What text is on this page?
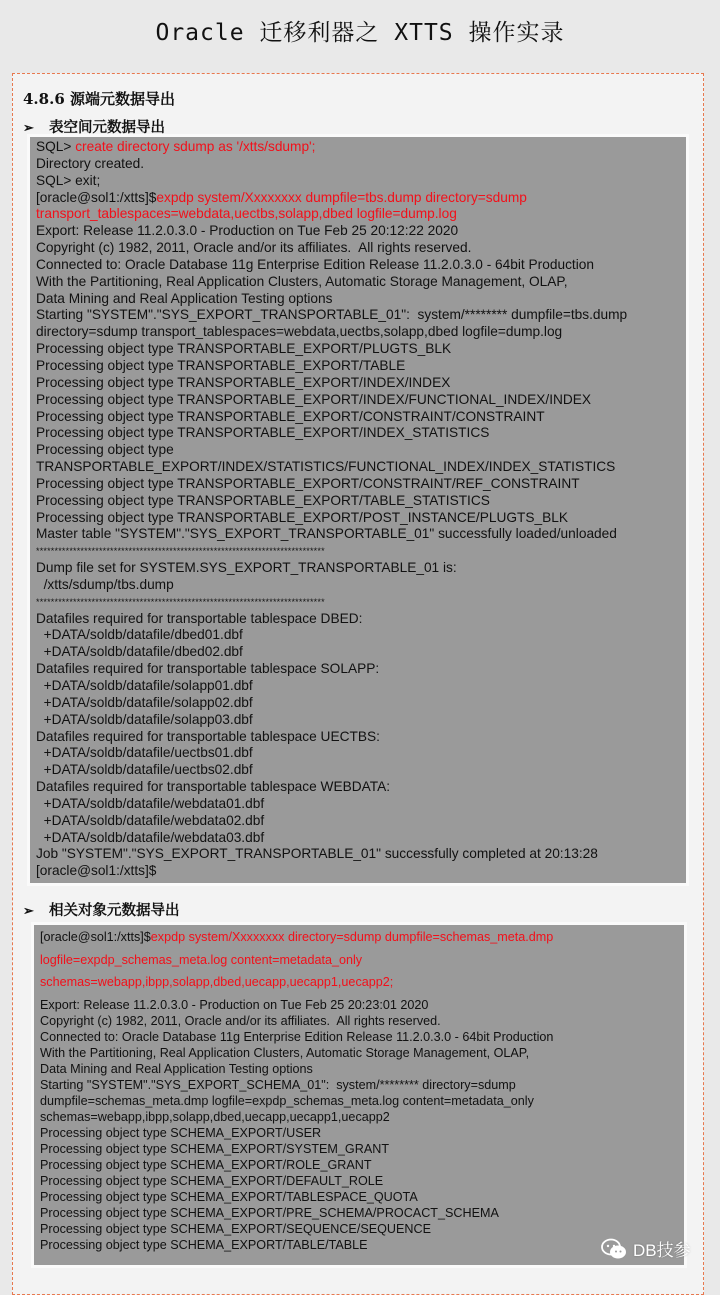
Oracle 迁移利器之 XTTS 操作实录
4.8.6 源端元数据导出
➢ 表空间元数据导出
SQL> create directory sdump as '/xtts/sdump';
Directory created.
SQL> exit;
[oracle@sol1:/xtts]$expdp system/Xxxxxxxx dumpfile=tbs.dump directory=sdump
transport_tablespaces=webdata,uectbs,solapp,dbed logfile=dump.log
Export: Release 11.2.0.3.0 - Production on Tue Feb 25 20:12:22 2020
Copyright (c) 1982, 2011, Oracle and/or its affiliates.  All rights reserved.
Connected to: Oracle Database 11g Enterprise Edition Release 11.2.0.3.0 - 64bit Production
With the Partitioning, Real Application Clusters, Automatic Storage Management, OLAP,
Data Mining and Real Application Testing options
Starting "SYSTEM"."SYS_EXPORT_TRANSPORTABLE_01":  system/******** dumpfile=tbs.dump
directory=sdump transport_tablespaces=webdata,uectbs,solapp,dbed logfile=dump.log
Processing object type TRANSPORTABLE_EXPORT/PLUGTS_BLK
Processing object type TRANSPORTABLE_EXPORT/TABLE
Processing object type TRANSPORTABLE_EXPORT/INDEX/INDEX
Processing object type TRANSPORTABLE_EXPORT/INDEX/FUNCTIONAL_INDEX/INDEX
Processing object type TRANSPORTABLE_EXPORT/CONSTRAINT/CONSTRAINT
Processing object type TRANSPORTABLE_EXPORT/INDEX_STATISTICS
Processing object type
TRANSPORTABLE_EXPORT/INDEX/STATISTICS/FUNCTIONAL_INDEX/INDEX_STATISTICS
Processing object type TRANSPORTABLE_EXPORT/CONSTRAINT/REF_CONSTRAINT
Processing object type TRANSPORTABLE_EXPORT/TABLE_STATISTICS
Processing object type TRANSPORTABLE_EXPORT/POST_INSTANCE/PLUGTS_BLK
Master table "SYSTEM"."SYS_EXPORT_TRANSPORTABLE_01" successfully loaded/unloaded
******************************************************************************
Dump file set for SYSTEM.SYS_EXPORT_TRANSPORTABLE_01 is:
/xtts/sdump/tbs.dump
******************************************************************************
Datafiles required for transportable tablespace DBED:
+DATA/soldb/datafile/dbed01.dbf
+DATA/soldb/datafile/dbed02.dbf
Datafiles required for transportable tablespace SOLAPP:
+DATA/soldb/datafile/solapp01.dbf
+DATA/soldb/datafile/solapp02.dbf
+DATA/soldb/datafile/solapp03.dbf
Datafiles required for transportable tablespace UECTBS:
+DATA/soldb/datafile/uectbs01.dbf
+DATA/soldb/datafile/uectbs02.dbf
Datafiles required for transportable tablespace WEBDATA:
+DATA/soldb/datafile/webdata01.dbf
+DATA/soldb/datafile/webdata02.dbf
+DATA/soldb/datafile/webdata03.dbf
Job "SYSTEM"."SYS_EXPORT_TRANSPORTABLE_01" successfully completed at 20:13:28
[oracle@sol1:/xtts]$
➢ 相关对象元数据导出
[oracle@sol1:/xtts]$expdp system/Xxxxxxxx directory=sdump dumpfile=schemas_meta.dmp
logfile=expdp_schemas_meta.log content=metadata_only
schemas=webapp,ibpp,solapp,dbed,uecapp,uecapp1,uecapp2;
Export: Release 11.2.0.3.0 - Production on Tue Feb 25 20:23:01 2020
Copyright (c) 1982, 2011, Oracle and/or its affiliates.  All rights reserved.
Connected to: Oracle Database 11g Enterprise Edition Release 11.2.0.3.0 - 64bit Production
With the Partitioning, Real Application Clusters, Automatic Storage Management, OLAP,
Data Mining and Real Application Testing options
Starting "SYSTEM"."SYS_EXPORT_SCHEMA_01":  system/******** directory=sdump
dumpfile=schemas_meta.dmp logfile=expdp_schemas_meta.log content=metadata_only
schemas=webapp,ibpp,solapp,dbed,uecapp,uecapp1,uecapp2
Processing object type SCHEMA_EXPORT/USER
Processing object type SCHEMA_EXPORT/SYSTEM_GRANT
Processing object type SCHEMA_EXPORT/ROLE_GRANT
Processing object type SCHEMA_EXPORT/DEFAULT_ROLE
Processing object type SCHEMA_EXPORT/TABLESPACE_QUOTA
Processing object type SCHEMA_EXPORT/PRE_SCHEMA/PROCACT_SCHEMA
Processing object type SCHEMA_EXPORT/SEQUENCE/SEQUENCE
Processing object type SCHEMA_EXPORT/TABLE/TABLE	DB技参
